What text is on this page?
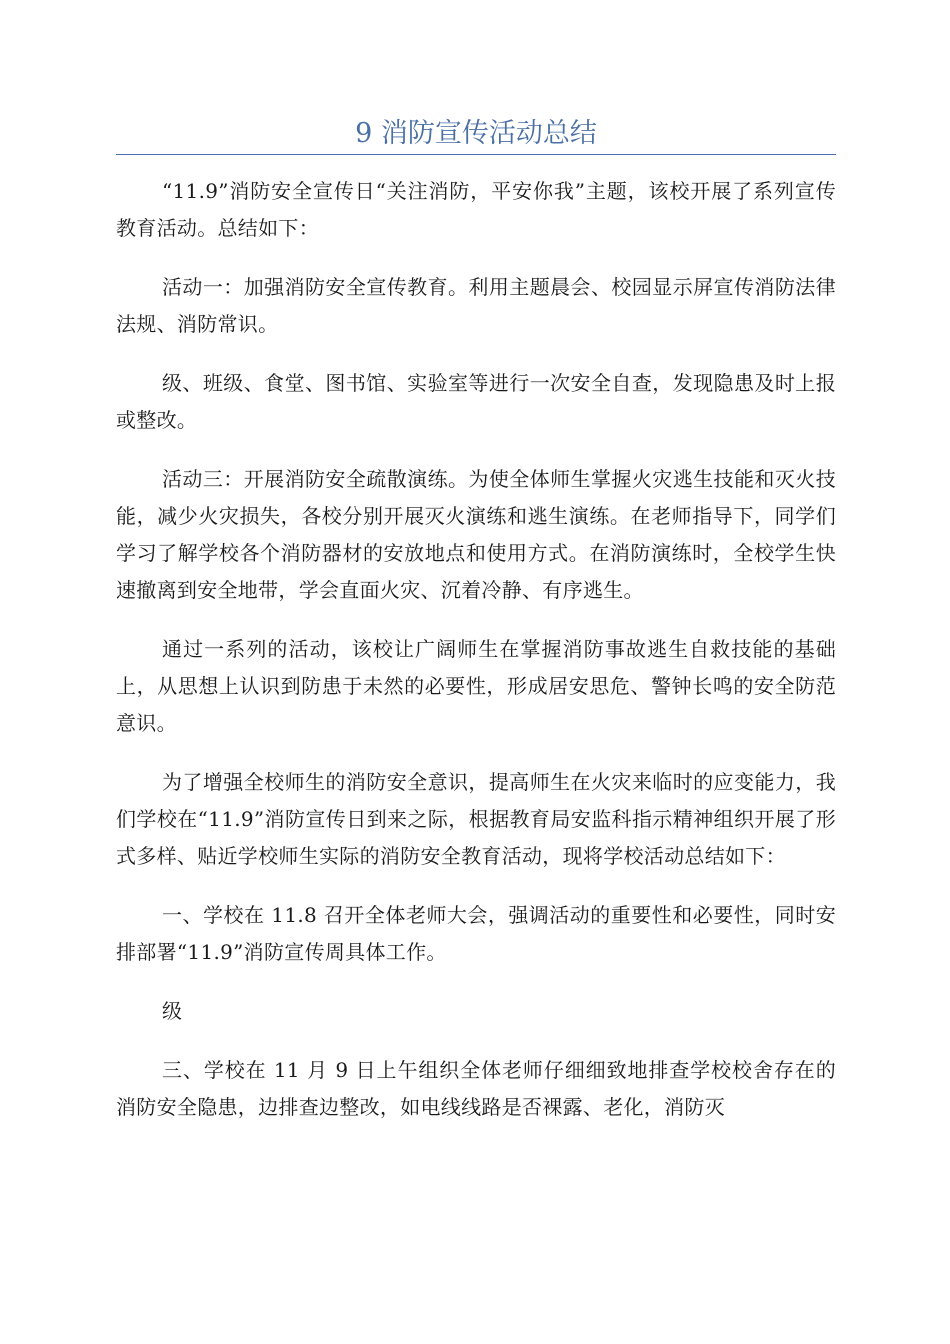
9 消防宣传活动总结

“11.9”消防安全宣传日“关注消防，平安你我”主题，该校开展了系列宣传教育活动。总结如下：

活动一：加强消防安全宣传教育。利用主题晨会、校园显示屏宣传消防法律法规、消防常识。

级、班级、食堂、图书馆、实验室等进行一次安全自查，发现隐患及时上报或整改。

活动三：开展消防安全疏散演练。为使全体师生掌握火灾逃生技能和灭火技能，减少火灾损失，各校分别开展灭火演练和逃生演练。在老师指导下，同学们学习了解学校各个消防器材的安放地点和使用方式。在消防演练时，全校学生快速撤离到安全地带，学会直面火灾、沉着冷静、有序逃生。

通过一系列的活动，该校让广阔师生在掌握消防事故逃生自救技能的基础上，从思想上认识到防患于未然的必要性，形成居安思危、警钟长鸣的安全防范意识。

为了增强全校师生的消防安全意识，提高师生在火灾来临时的应变能力，我们学校在“11.9”消防宣传日到来之际，根据教育局安监科指示精神组织开展了形式多样、贴近学校师生实际的消防安全教育活动，现将学校活动总结如下：

一、学校在 11.8 召开全体老师大会，强调活动的重要性和必要性，同时安排部署“11.9”消防宣传周具体工作。

级

三、学校在 11 月 9 日上午组织全体老师仔细细致地排查学校校舍存在的消防安全隐患，边排查边整改，如电线线路是否裸露、老化，消防灭
